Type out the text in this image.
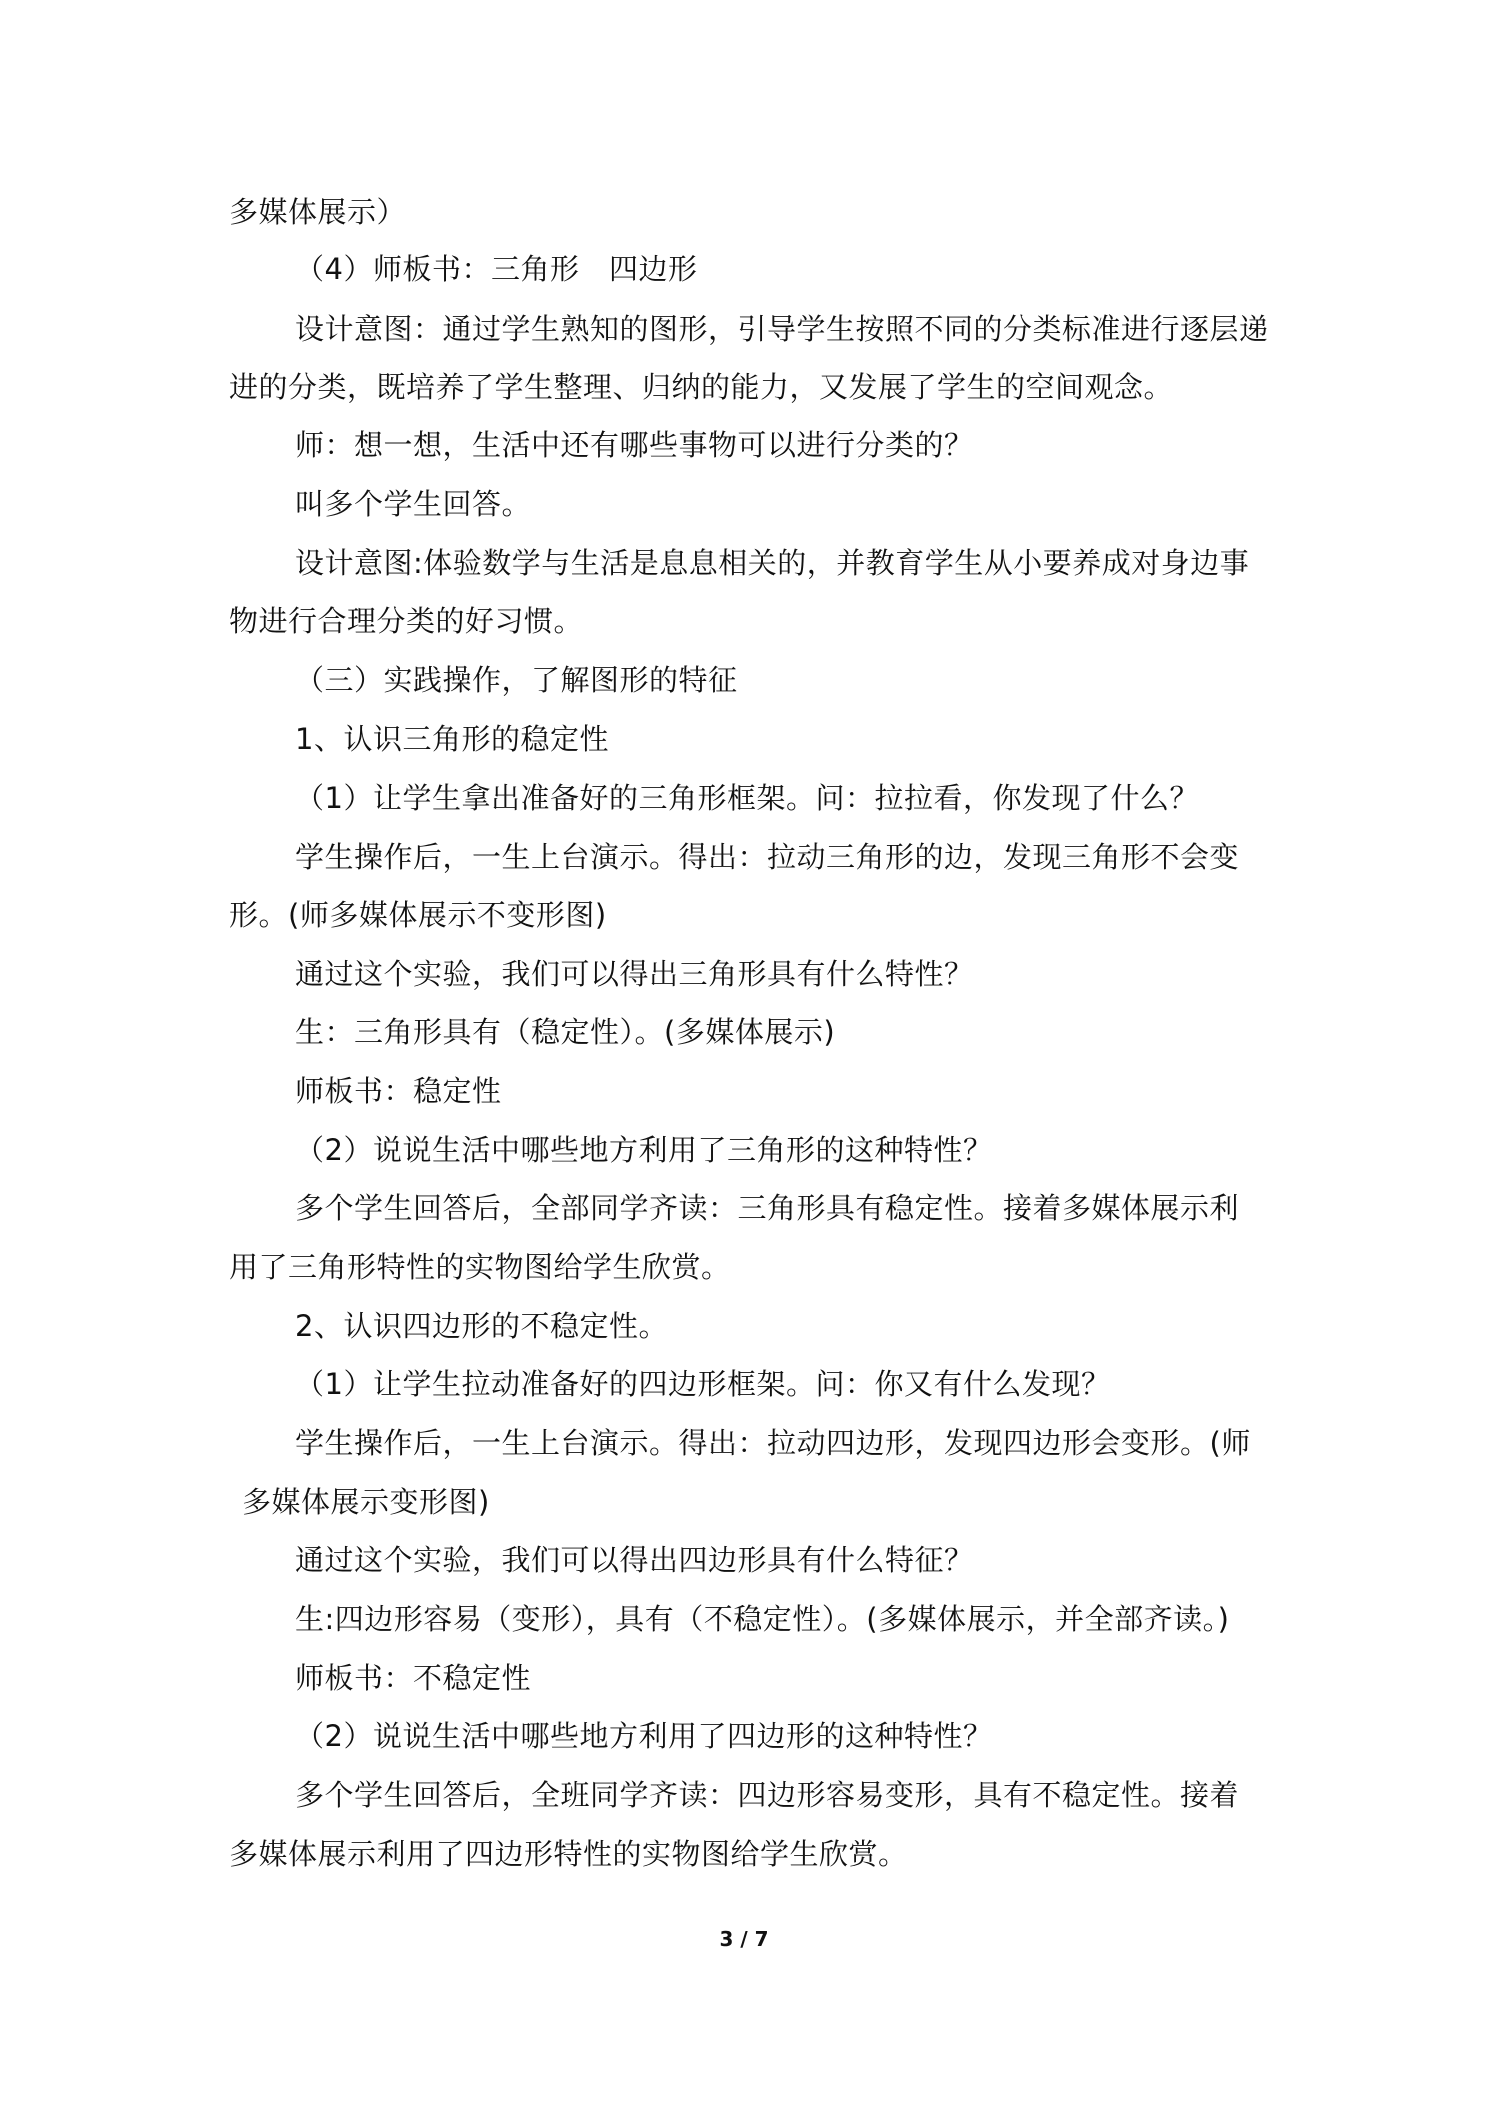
多媒体展示）
（4）师板书：三角形　四边形
设计意图：通过学生熟知的图形，引导学生按照不同的分类标准进行逐层递
进的分类，既培养了学生整理、归纳的能力，又发展了学生的空间观念。
师：想一想，生活中还有哪些事物可以进行分类的？
叫多个学生回答。
设计意图:体验数学与生活是息息相关的，并教育学生从小要养成对身边事
物进行合理分类的好习惯。
（三）实践操作，了解图形的特征
1、认识三角形的稳定性
（1）让学生拿出准备好的三角形框架。问：拉拉看，你发现了什么？
学生操作后，一生上台演示。得出：拉动三角形的边，发现三角形不会变
形。(师多媒体展示不变形图)
通过这个实验，我们可以得出三角形具有什么特性？
生：三角形具有（稳定性）。(多媒体展示)
师板书：稳定性
（2）说说生活中哪些地方利用了三角形的这种特性？
多个学生回答后，全部同学齐读：三角形具有稳定性。接着多媒体展示利
用了三角形特性的实物图给学生欣赏。
2、认识四边形的不稳定性。
（1）让学生拉动准备好的四边形框架。问：你又有什么发现？
学生操作后，一生上台演示。得出：拉动四边形，发现四边形会变形。(师
多媒体展示变形图)
通过这个实验，我们可以得出四边形具有什么特征？
生:四边形容易（变形），具有（不稳定性）。(多媒体展示，并全部齐读。)
师板书：不稳定性
（2）说说生活中哪些地方利用了四边形的这种特性？
多个学生回答后，全班同学齐读：四边形容易变形，具有不稳定性。接着
多媒体展示利用了四边形特性的实物图给学生欣赏。
3 / 7
